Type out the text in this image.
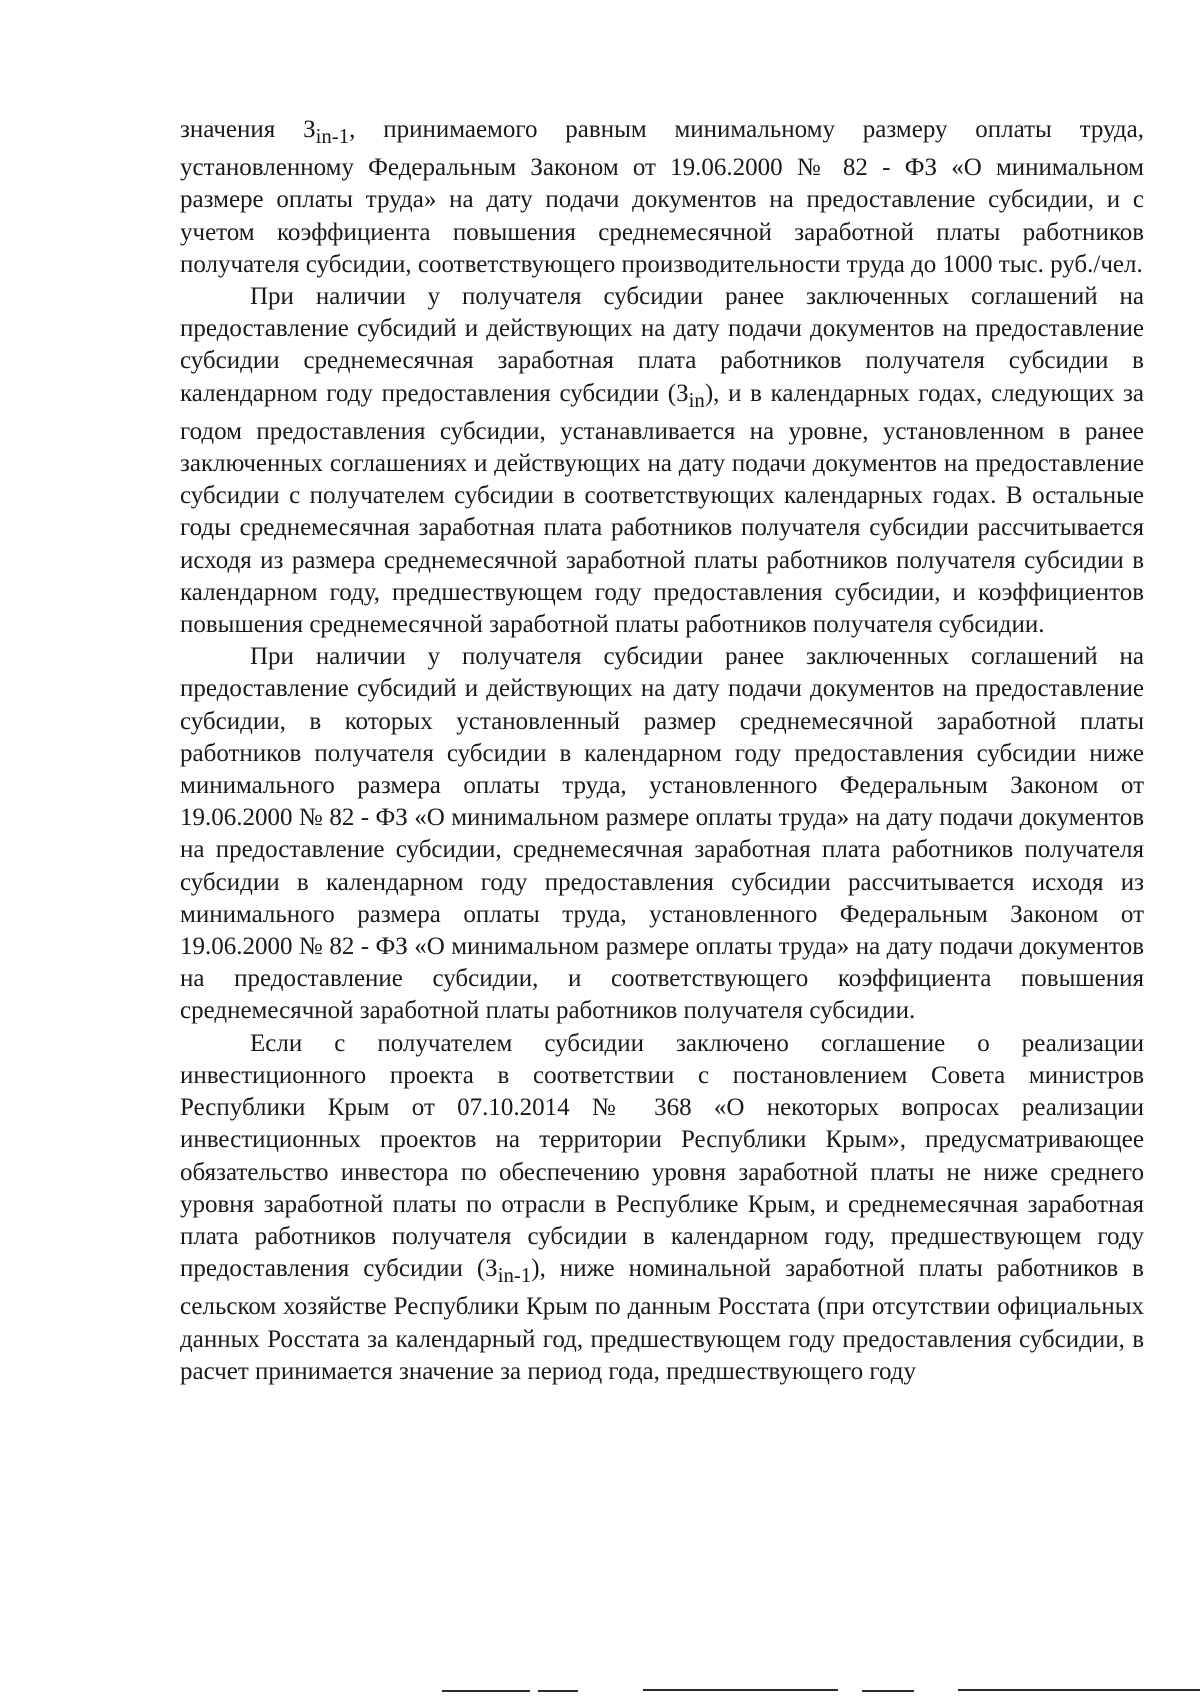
значения $З_{in-1}$, принимаемого равным минимальному размеру оплаты труда, установленному Федеральным Законом от 19.06.2000 № 82 - ФЗ «О минимальном размере оплаты труда» на дату подачи документов на предоставление субсидии, и с учетом коэффициента повышения среднемесячной заработной платы работников получателя субсидии, соответствующего производительности труда до 1000 тыс. руб./чел.

При наличии у получателя субсидии ранее заключенных соглашений на предоставление субсидий и действующих на дату подачи документов на предоставление субсидии среднемесячная заработная плата работников получателя субсидии в календарном году предоставления субсидии $(З_{in})$, и в календарных годах, следующих за годом предоставления субсидии, устанавливается на уровне, установленном в ранее заключенных соглашениях и действующих на дату подачи документов на предоставление субсидии с получателем субсидии в соответствующих календарных годах. В остальные годы среднемесячная заработная плата работников получателя субсидии рассчитывается исходя из размера среднемесячной заработной платы работников получателя субсидии в календарном году, предшествующем году предоставления субсидии, и коэффициентов повышения среднемесячной заработной платы работников получателя субсидии.

При наличии у получателя субсидии ранее заключенных соглашений на предоставление субсидий и действующих на дату подачи документов на предоставление субсидии, в которых установленный размер среднемесячной заработной платы работников получателя субсидии в календарном году предоставления субсидии ниже минимального размера оплаты труда, установленного Федеральным Законом от 19.06.2000 № 82 - ФЗ «О минимальном размере оплаты труда» на дату подачи документов на предоставление субсидии, среднемесячная заработная плата работников получателя субсидии в календарном году предоставления субсидии рассчитывается исходя из минимального размера оплаты труда, установленного Федеральным Законом от 19.06.2000 № 82 - ФЗ «О минимальном размере оплаты труда» на дату подачи документов на предоставление субсидии, и соответствующего коэффициента повышения среднемесячной заработной платы работников получателя субсидии.

Если с получателем субсидии заключено соглашение о реализации инвестиционного проекта в соответствии с постановлением Совета министров Республики Крым от 07.10.2014 № 368 «О некоторых вопросах реализации инвестиционных проектов на территории Республики Крым», предусматривающее обязательство инвестора по обеспечению уровня заработной платы не ниже среднего уровня заработной платы по отрасли в Республике Крым, и среднемесячная заработная плата работников получателя субсидии в календарном году, предшествующем году предоставления субсидии $(З_{in-1})$, ниже номинальной заработной платы работников в сельском хозяйстве Республики Крым по данным Росстата (при отсутствии официальных данных Росстата за календарный год, предшествующем году предоставления субсидии, в расчет принимается значение за период года, предшествующего году
